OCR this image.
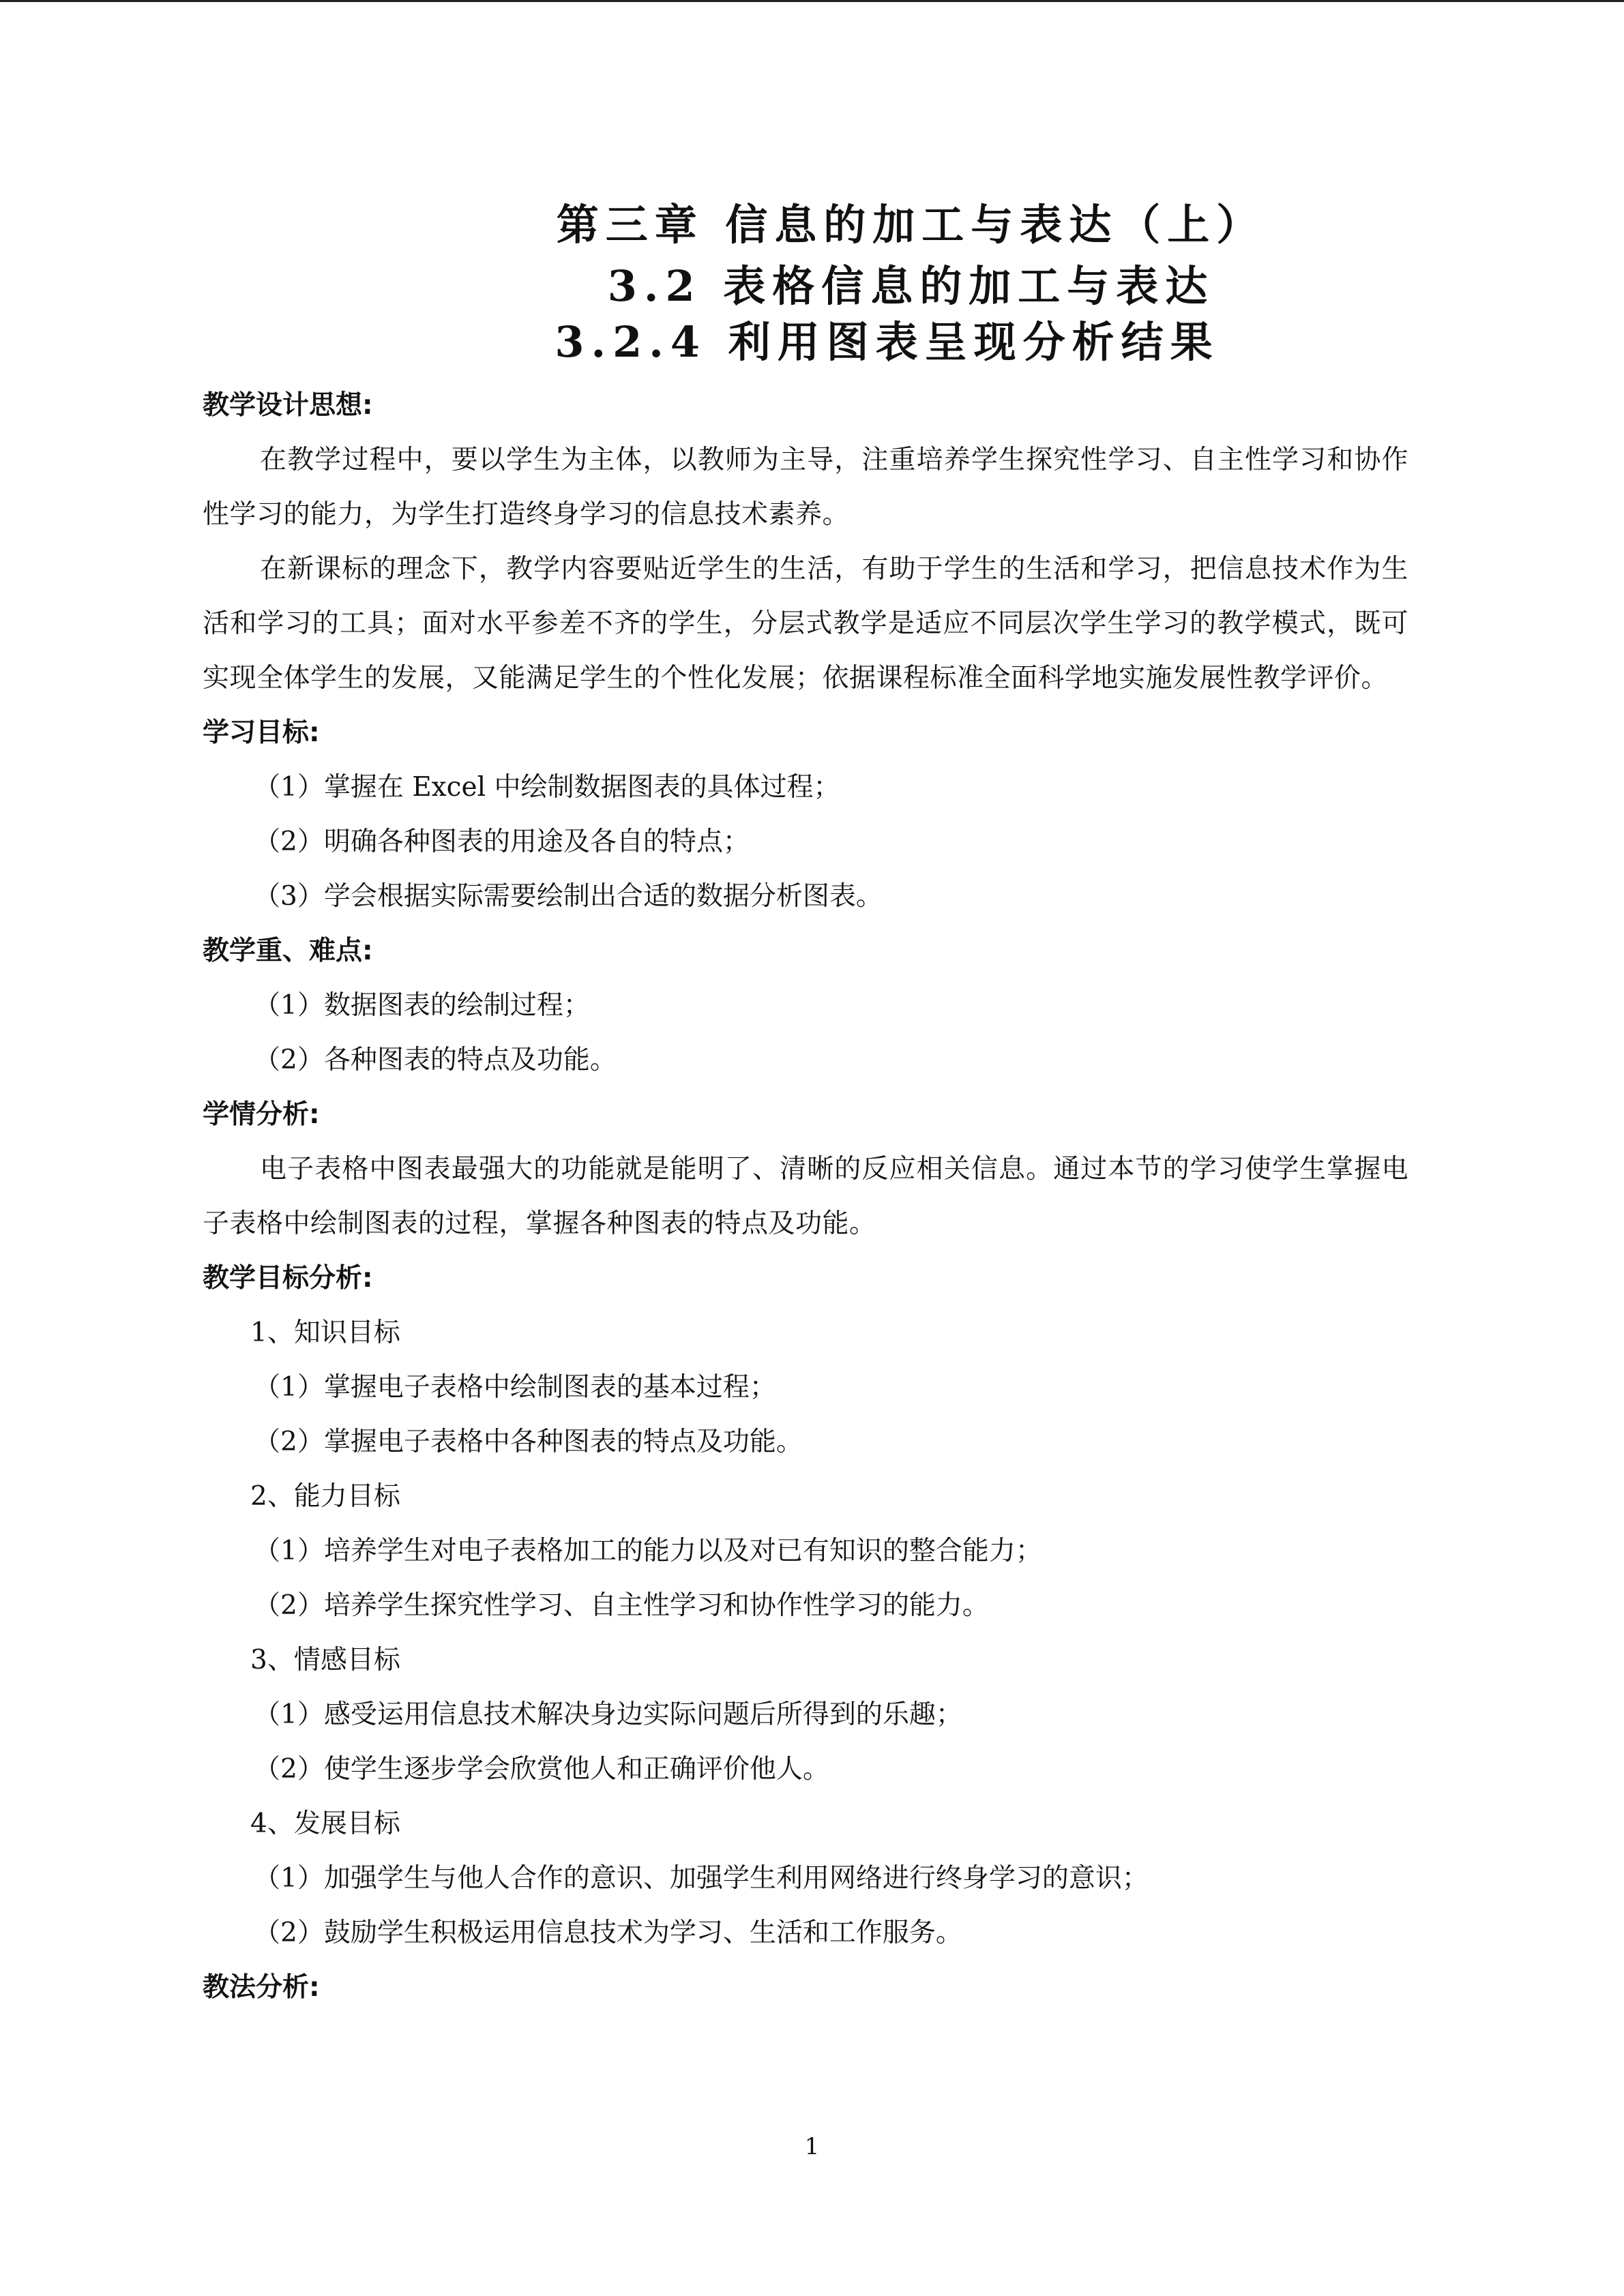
第三章 信息的加工与表达（上）
3.2 表格信息的加工与表达
3.2.4 利用图表呈现分析结果
教学设计思想:
在教学过程中，要以学生为主体，以教师为主导，注重培养学生探究性学习、自主性学习和协作性学习的能力，为学生打造终身学习的信息技术素养。
在新课标的理念下，教学内容要贴近学生的生活，有助于学生的生活和学习，把信息技术作为生活和学习的工具；面对水平参差不齐的学生，分层式教学是适应不同层次学生学习的教学模式，既可实现全体学生的发展，又能满足学生的个性化发展；依据课程标准全面科学地实施发展性教学评价。
学习目标:
（1）掌握在 Excel 中绘制数据图表的具体过程；
（2）明确各种图表的用途及各自的特点；
（3）学会根据实际需要绘制出合适的数据分析图表。
教学重、难点:
（1）数据图表的绘制过程；
（2）各种图表的特点及功能。
学情分析:
电子表格中图表最强大的功能就是能明了、清晰的反应相关信息。通过本节的学习使学生掌握电子表格中绘制图表的过程，掌握各种图表的特点及功能。
教学目标分析:
1、知识目标
（1）掌握电子表格中绘制图表的基本过程；
（2）掌握电子表格中各种图表的特点及功能。
2、能力目标
（1）培养学生对电子表格加工的能力以及对已有知识的整合能力；
（2）培养学生探究性学习、自主性学习和协作性学习的能力。
3、情感目标
（1）感受运用信息技术解决身边实际问题后所得到的乐趣；
（2）使学生逐步学会欣赏他人和正确评价他人。
4、发展目标
（1）加强学生与他人合作的意识、加强学生利用网络进行终身学习的意识；
（2）鼓励学生积极运用信息技术为学习、生活和工作服务。
教法分析:
1
